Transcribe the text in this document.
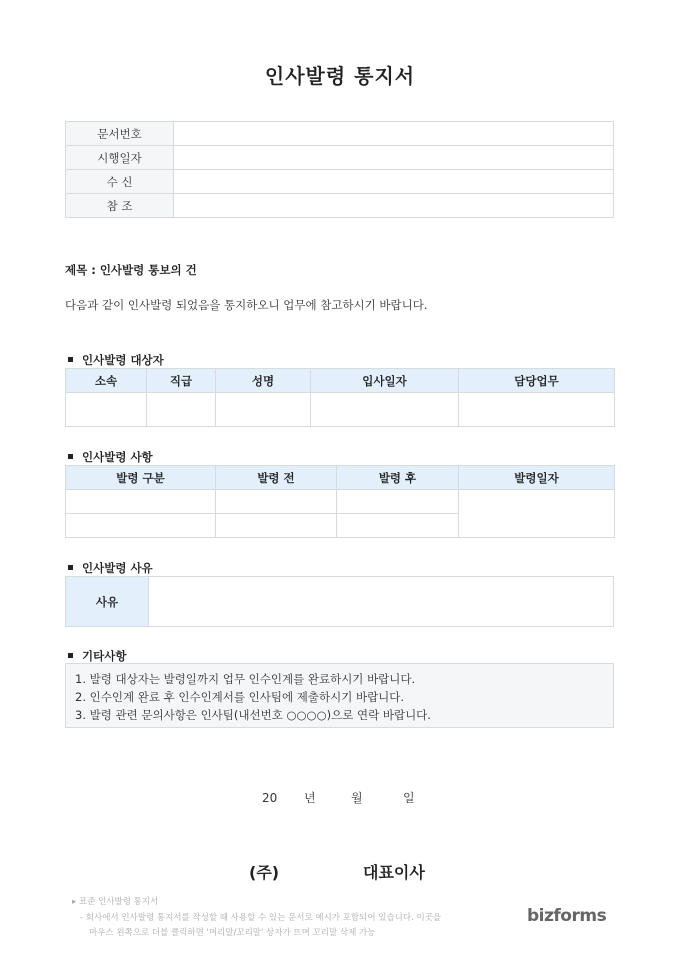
인사발령 통지서
문서번호	
시행일자	
수 신	
참 조	
제목 : 인사발령 통보의 건
다음과 같이 인사발령 되었음을 통지하오니 업무에 참고하시기 바랍니다.
인사발령 대상자
소속	직급	성명	입사일자	담당업무

인사발령 사항
발령 구분	발령 전	발령 후	발령일자

인사발령 사유
사유	
기타사항
1. 발령 대상자는 발령일까지 업무 인수인계를 완료하시기 바랍니다.
2. 인수인계 완료 후 인수인계서를 인사팀에 제출하시기 바랍니다.
3. 발령 관련 문의사항은 인사팀(내선번호 ○○○○)으로 연락 바랍니다.
20 년	월	일
(주)	대표이사
▸ 표준 인사발령 통지서
- 회사에서 인사발령 통지서를 작성할 때 사용할 수 있는 문서로 예시가 포함되어 있습니다. 이곳을
마우스 왼쪽으로 더블 클릭하면 '머리말/꼬리말' 상자가 뜨며 꼬리말 삭제 가능
bizforms
